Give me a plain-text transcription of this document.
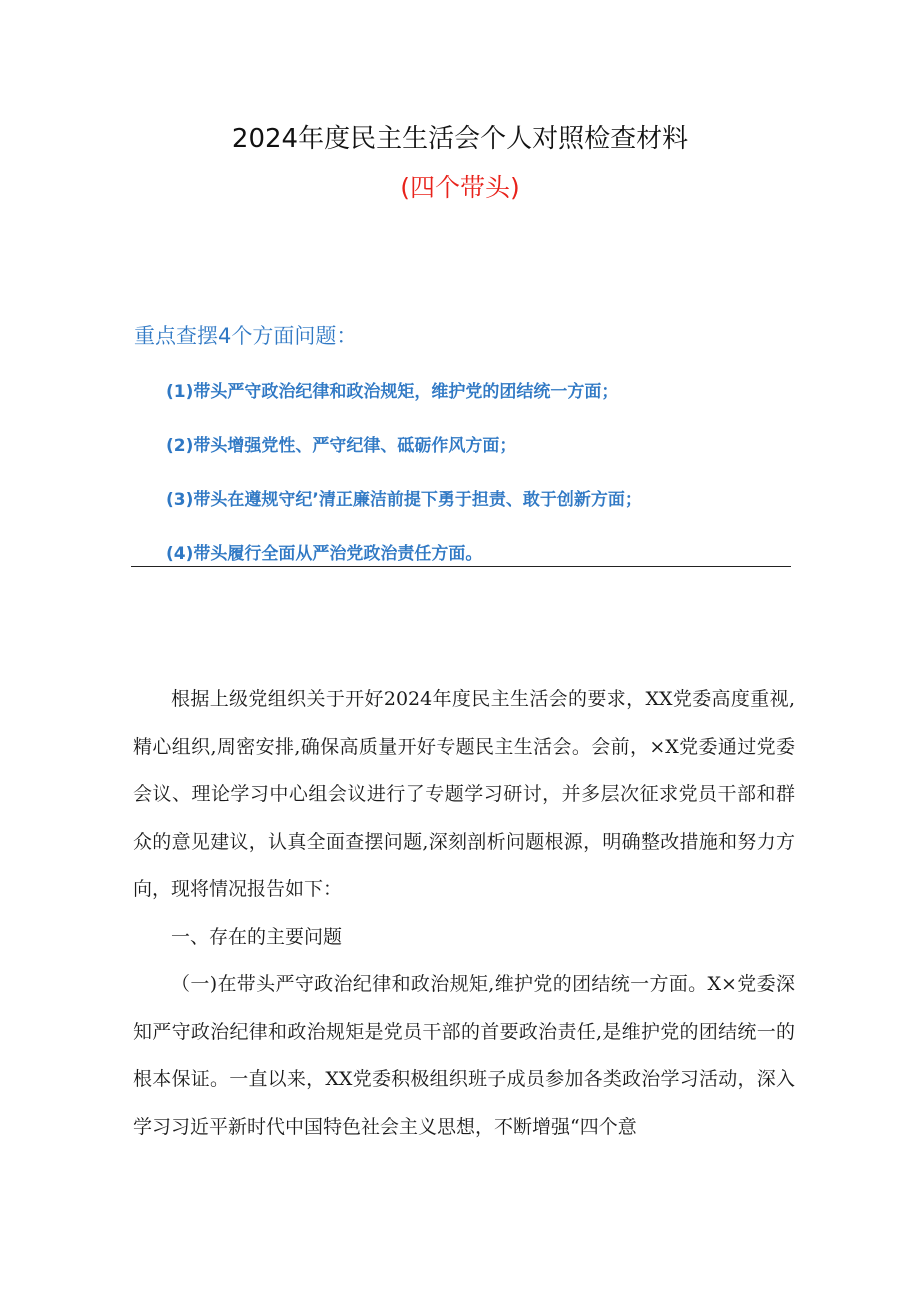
2024年度民主生活会个人对照检查材料
(四个带头)
重点查摆4个方面问题：
(1)带头严守政治纪律和政治规矩，维护党的团结统一方面；
(2)带头增强党性、严守纪律、砥砺作风方面；
(3)带头在遵规守纪’清正廉洁前提下勇于担责、敢于创新方面；
(4)带头履行全面从严治党政治责任方面。

根据上级党组织关于开好2024年度民主生活会的要求，XX党委高度重视,精心组织,周密安排,确保高质量开好专题民主生活会。会前，×X党委通过党委会议、理论学习中心组会议进行了专题学习研讨，并多层次征求党员干部和群众的意见建议，认真全面查摆问题,深刻剖析问题根源，明确整改措施和努力方向，现将情况报告如下：

一、存在的主要问题

（一)在带头严守政治纪律和政治规矩,维护党的团结统一方面。X×党委深知严守政治纪律和政治规矩是党员干部的首要政治责任,是维护党的团结统一的根本保证。一直以来，XX党委积极组织班子成员参加各类政治学习活动，深入学习习近平新时代中国特色社会主义思想，不断增强“四个意
